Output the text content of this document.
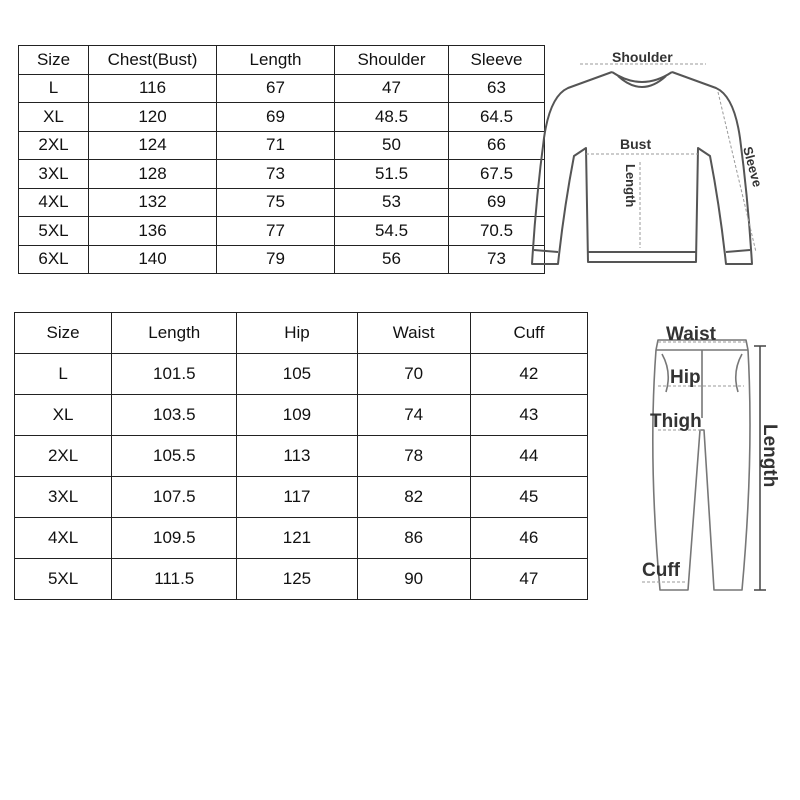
Size	Chest(Bust)	Length	Shoulder	Sleeve
L	116	67	47	63
XL	120	69	48.5	64.5
2XL	124	71	50	66
3XL	128	73	51.5	67.5
4XL	132	75	53	69
5XL	136	77	54.5	70.5
6XL	140	79	56	73
Size	Length	Hip	Waist	Cuff
L	101.5	105	70	42
XL	103.5	109	74	43
2XL	105.5	113	78	44
3XL	107.5	117	82	45
4XL	109.5	121	86	46
5XL	111.5	125	90	47
Shoulder
Bust
Length	Sleeve
Waist
Hip
Thigh
Cuff
Length
